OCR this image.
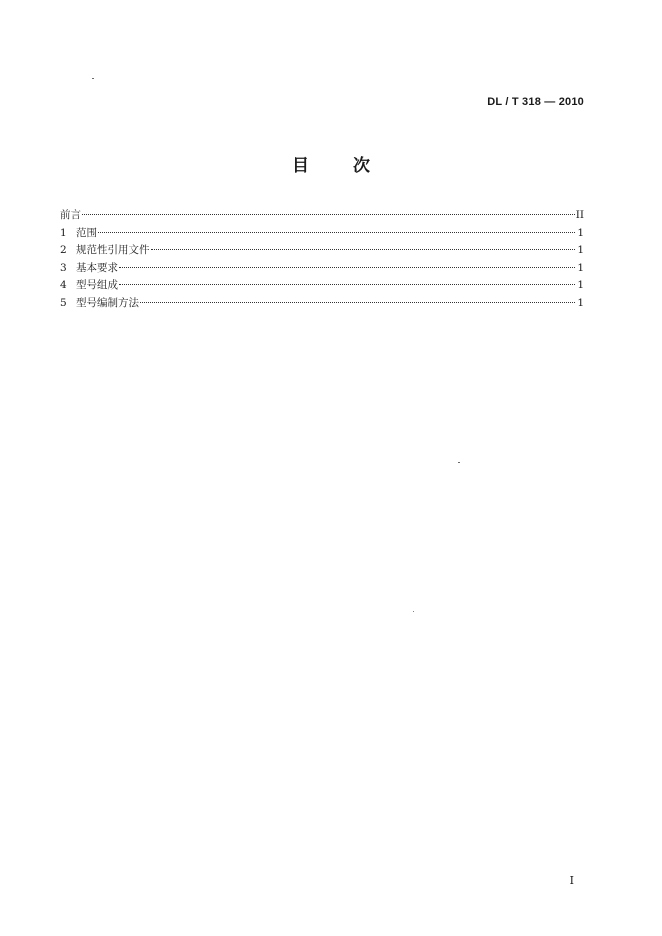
DL / T 318 — 2010
目	次
前言	II
1 范围	1
2 规范性引用文件	1
3 基本要求	1
4 型号组成	1
5 型号编制方法	1
I
